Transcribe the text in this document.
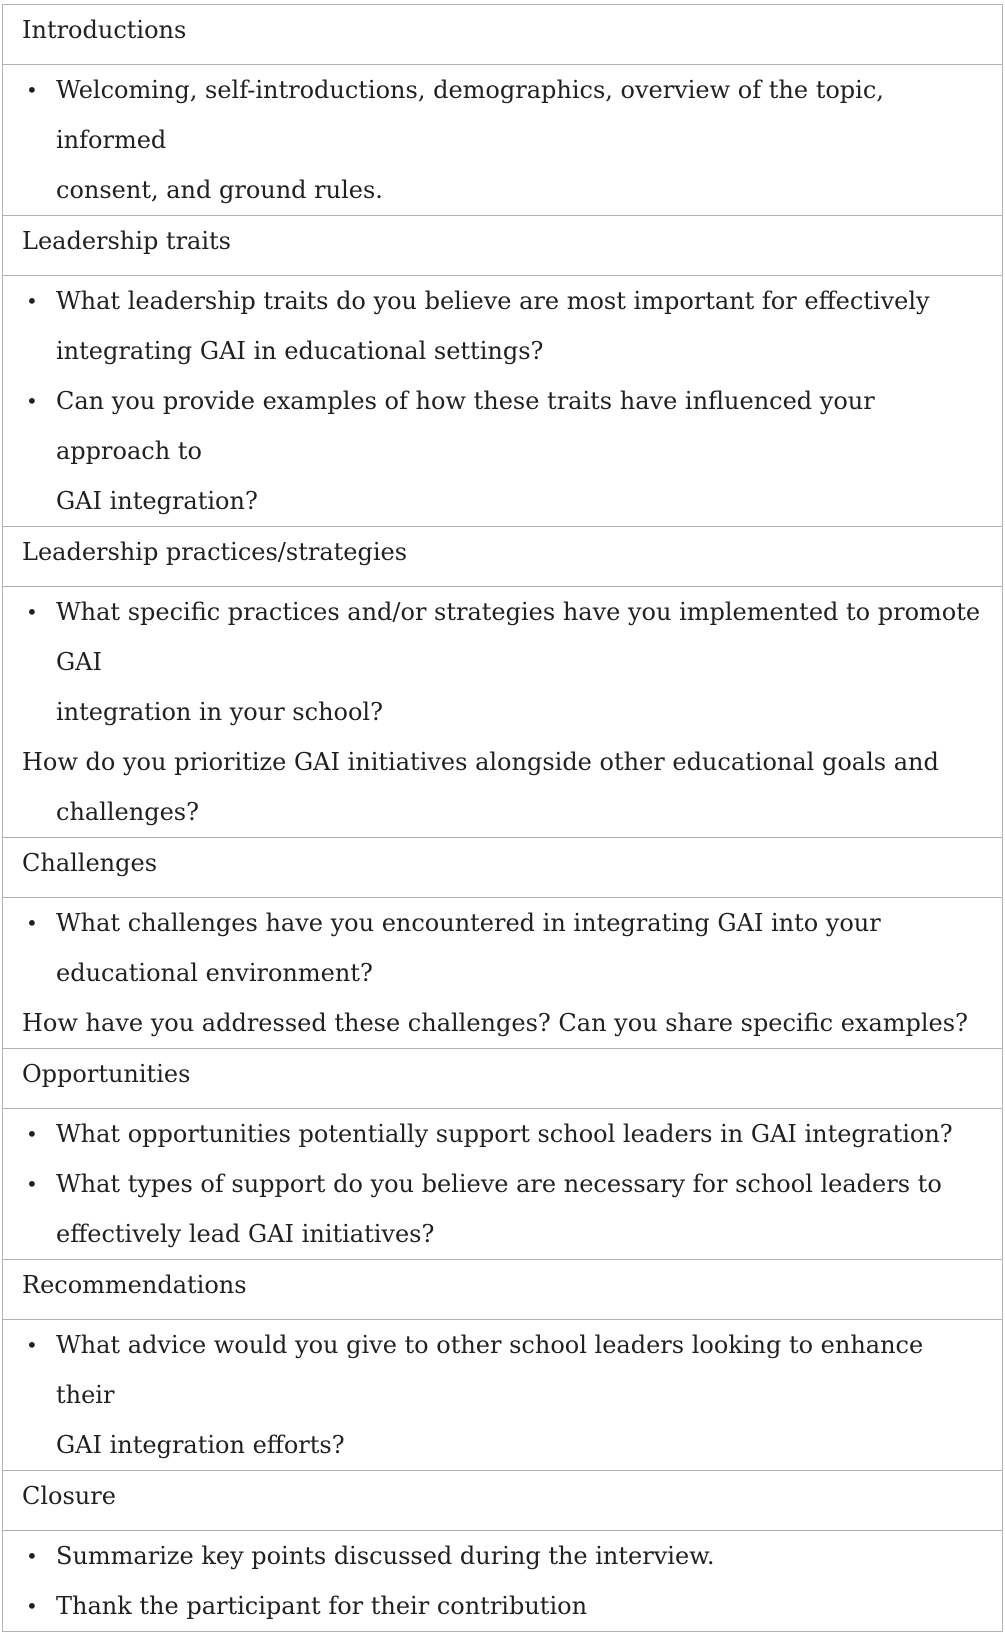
Introductions

• Welcoming, self-introductions, demographics, overview of the topic, informed
consent, and ground rules.

Leadership traits

• What leadership traits do you believe are most important for effectively
integrating GAI in educational settings?
• Can you provide examples of how these traits have influenced your approach to
GAI integration?

Leadership practices/strategies

• What specific practices and/or strategies have you implemented to promote GAI
integration in your school?
How do you prioritize GAI initiatives alongside other educational goals and
challenges?

Challenges

• What challenges have you encountered in integrating GAI into your
educational environment?
How have you addressed these challenges? Can you share specific examples?

Opportunities

• What opportunities potentially support school leaders in GAI integration?
• What types of support do you believe are necessary for school leaders to
effectively lead GAI initiatives?

Recommendations

• What advice would you give to other school leaders looking to enhance their
GAI integration efforts?

Closure

• Summarize key points discussed during the interview.
• Thank the participant for their contribution
